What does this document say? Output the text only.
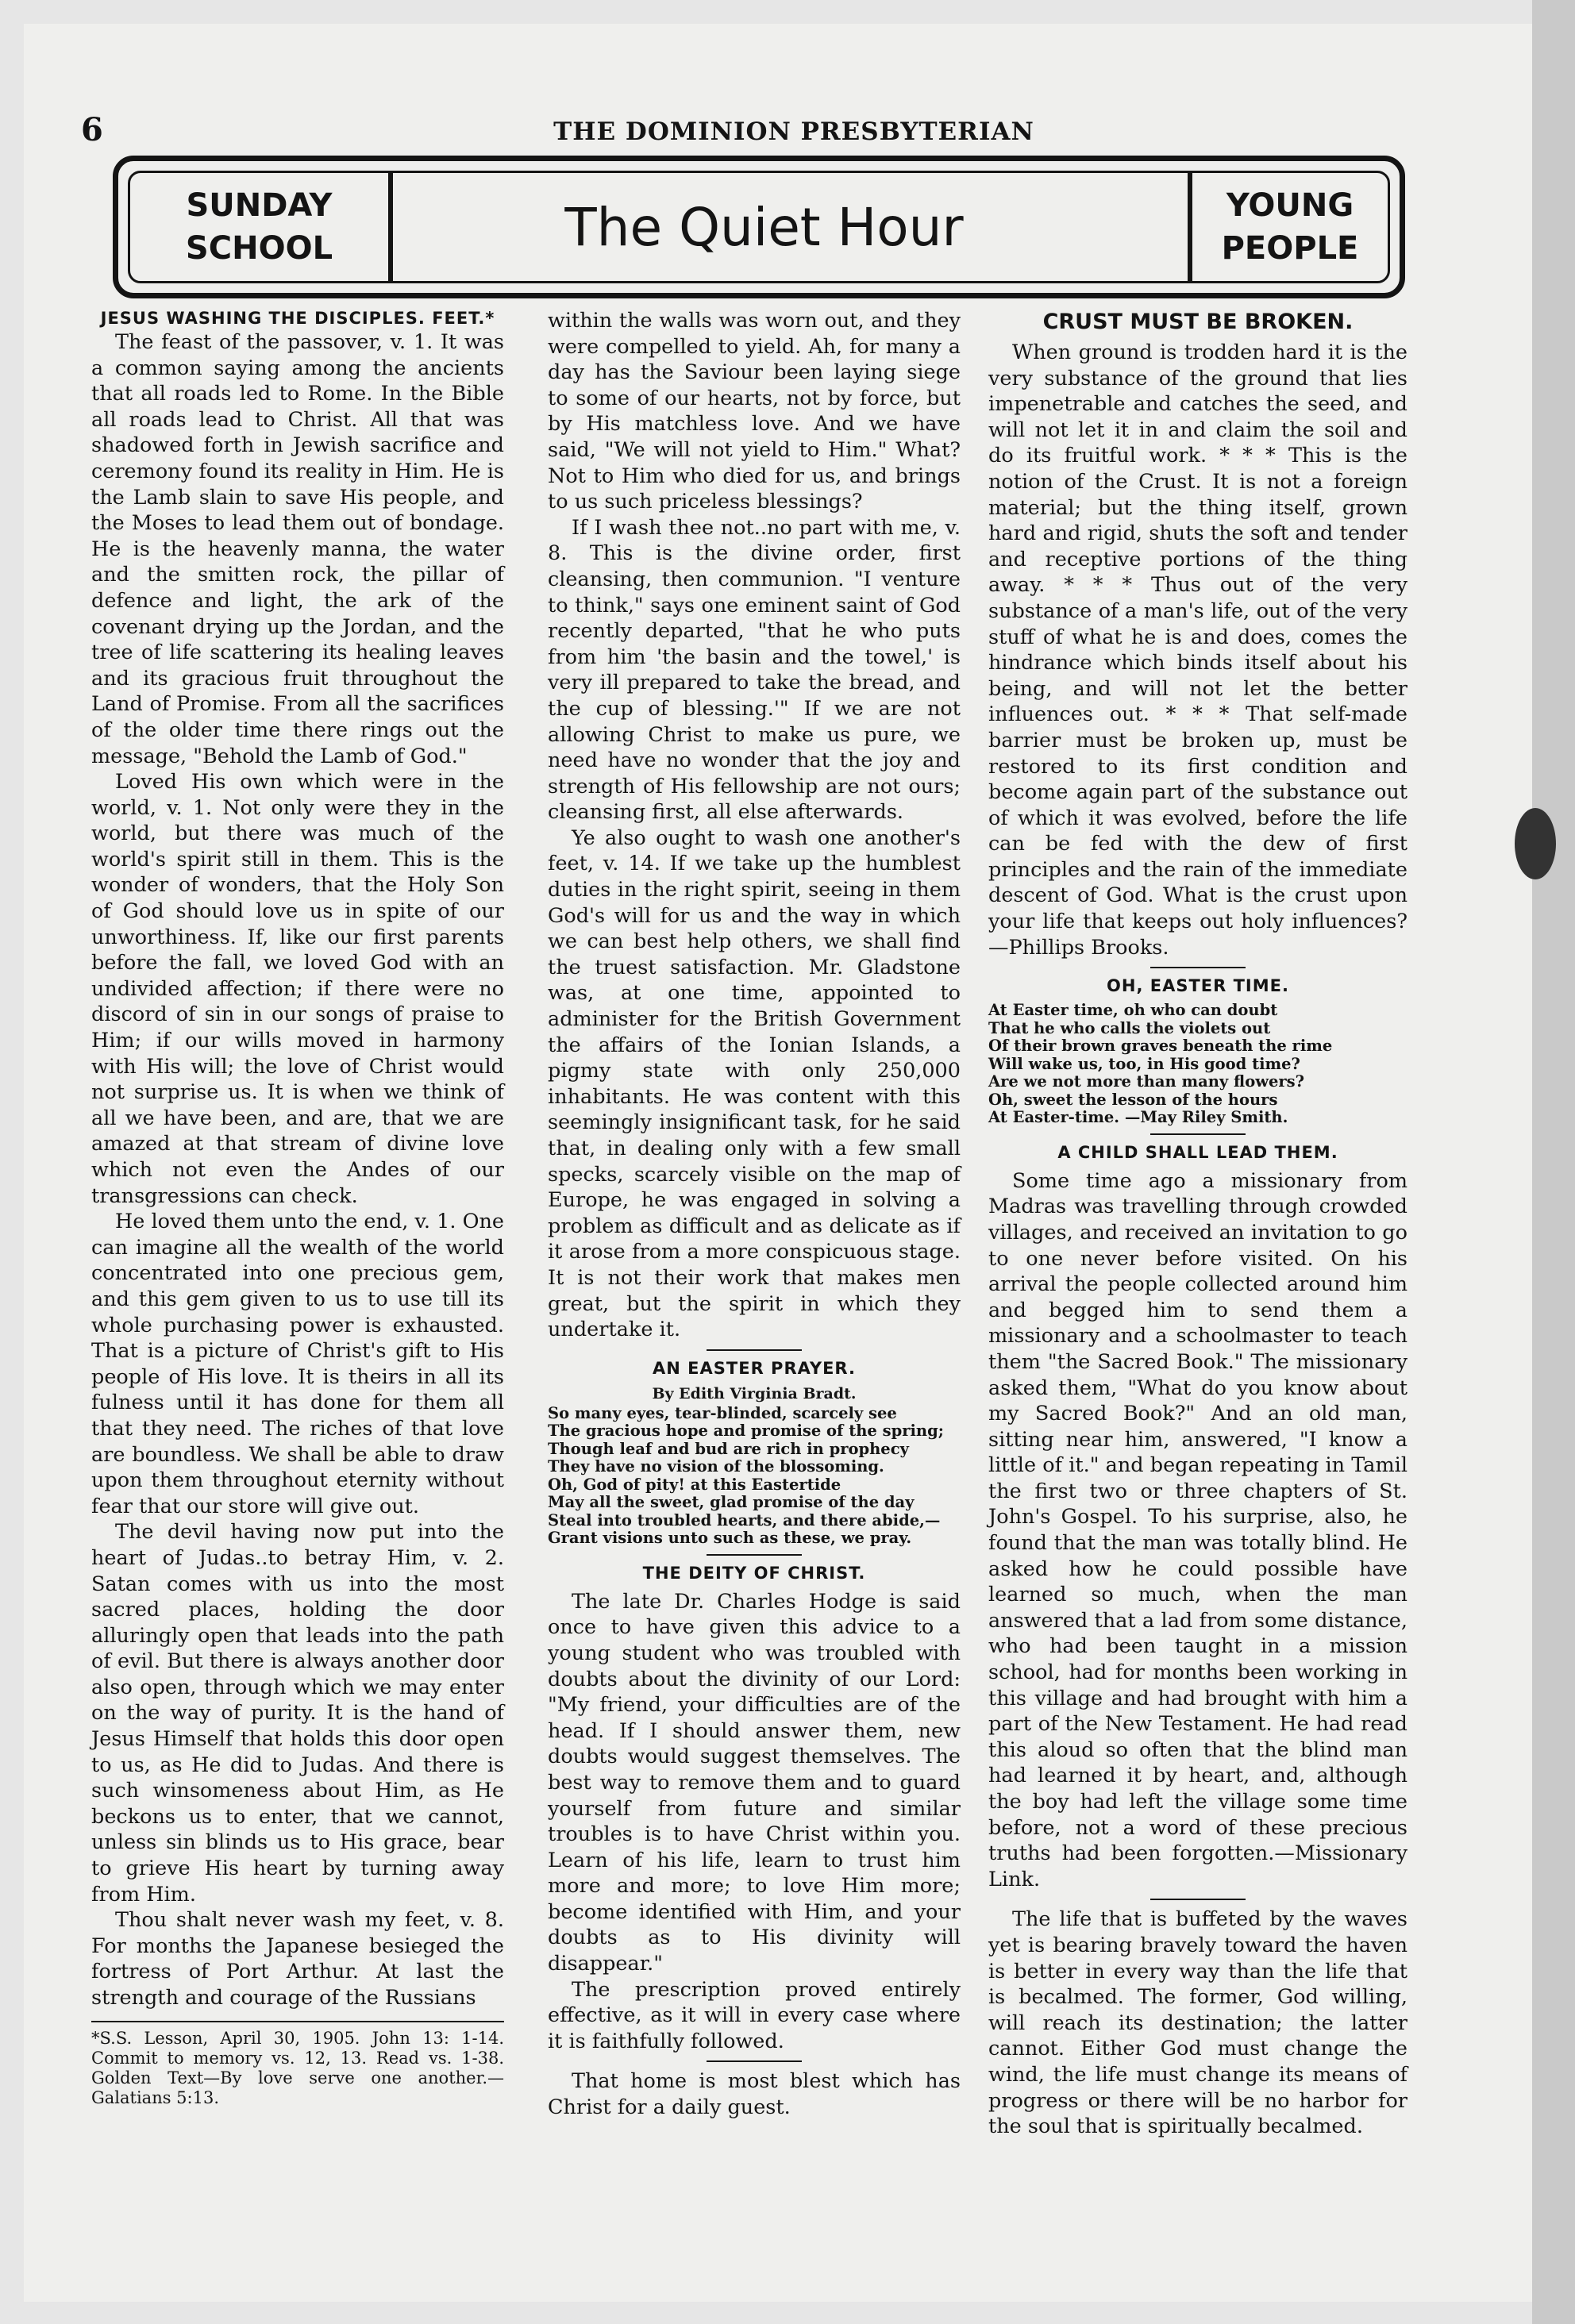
6	THE DOMINION PRESBYTERIAN
SUNDAY
SCHOOL	The Quiet Hour	YOUNG
PEOPLE
JESUS WASHING THE DISCIPLES. FEET.*

The feast of the passover, v. 1. It was a common saying among the ancients that all roads led to Rome. In the Bible all roads lead to Christ. All that was shadowed forth in Jewish sacrifice and ceremony found its reality in Him. He is the Lamb slain to save His people, and the Moses to lead them out of bondage. He is the heavenly manna, the water and the smitten rock, the pillar of defence and light, the ark of the covenant drying up the Jordan, and the tree of life scattering its healing leaves and its gracious fruit throughout the Land of Promise. From all the sacrifices of the older time there rings out the message, "Behold the Lamb of God."

Loved His own which were in the world, v. 1. Not only were they in the world, but there was much of the world's spirit still in them. This is the wonder of wonders, that the Holy Son of God should love us in spite of our unworthiness. If, like our first parents before the fall, we loved God with an undivided affection; if there were no discord of sin in our songs of praise to Him; if our wills moved in harmony with His will; the love of Christ would not surprise us. It is when we think of all we have been, and are, that we are amazed at that stream of divine love which not even the Andes of our transgressions can check.

He loved them unto the end, v. 1. One can imagine all the wealth of the world concentrated into one precious gem, and this gem given to us to use till its whole purchasing power is exhausted. That is a picture of Christ's gift to His people of His love. It is theirs in all its fulness until it has done for them all that they need. The riches of that love are boundless. We shall be able to draw upon them throughout eternity without fear that our store will give out.

The devil having now put into the heart of Judas..to betray Him, v. 2. Satan comes with us into the most sacred places, holding the door alluringly open that leads into the path of evil. But there is always another door also open, through which we may enter on the way of purity. It is the hand of Jesus Himself that holds this door open to us, as He did to Judas. And there is such winsomeness about Him, as He beckons us to enter, that we cannot, unless sin blinds us to His grace, bear to grieve His heart by turning away from Him.

Thou shalt never wash my feet, v. 8. For months the Japanese besieged the fortress of Port Arthur. At last the strength and courage of the Russians

*S.S. Lesson, April 30, 1905. John 13: 1-14. Commit to memory vs. 12, 13. Read vs. 1-38. Golden Text—By love serve one another.—Galatians 5:13.

within the walls was worn out, and they were compelled to yield. Ah, for many a day has the Saviour been laying siege to some of our hearts, not by force, but by His matchless love. And we have said, "We will not yield to Him." What? Not to Him who died for us, and brings to us such priceless blessings?

If I wash thee not..no part with me, v. 8. This is the divine order, first cleansing, then communion. "I venture to think," says one eminent saint of God recently departed, "that he who puts from him 'the basin and the towel,' is very ill prepared to take the bread, and the cup of blessing.'" If we are not allowing Christ to make us pure, we need have no wonder that the joy and strength of His fellowship are not ours; cleansing first, all else afterwards.

Ye also ought to wash one another's feet, v. 14. If we take up the humblest duties in the right spirit, seeing in them God's will for us and the way in which we can best help others, we shall find the truest satisfaction. Mr. Gladstone was, at one time, appointed to administer for the British Government the affairs of the Ionian Islands, a pigmy state with only 250,000 inhabitants. He was content with this seemingly insignificant task, for he said that, in dealing only with a few small specks, scarcely visible on the map of Europe, he was engaged in solving a problem as difficult and as delicate as if it arose from a more conspicuous stage. It is not their work that makes men great, but the spirit in which they undertake it.

AN EASTER PRAYER.
By Edith Virginia Bradt.
So many eyes, tear-blinded, scarcely see
The gracious hope and promise of the spring;
Though leaf and bud are rich in prophecy
They have no vision of the blossoming.
Oh, God of pity! at this Eastertide
May all the sweet, glad promise of the day
Steal into troubled hearts, and there abide,—
Grant visions unto such as these, we pray.
THE DEITY OF CHRIST.

The late Dr. Charles Hodge is said once to have given this advice to a young student who was troubled with doubts about the divinity of our Lord: "My friend, your difficulties are of the head. If I should answer them, new doubts would suggest themselves. The best way to remove them and to guard yourself from future and similar troubles is to have Christ within you. Learn of his life, learn to trust him more and more; to love Him more; become identified with Him, and your doubts as to His divinity will disappear."

The prescription proved entirely effective, as it will in every case where it is faithfully followed.

That home is most blest which has Christ for a daily guest.

CRUST MUST BE BROKEN.

When ground is trodden hard it is the very substance of the ground that lies impenetrable and catches the seed, and will not let it in and claim the soil and do its fruitful work. * * * This is the notion of the Crust. It is not a foreign material; but the thing itself, grown hard and rigid, shuts the soft and tender and receptive portions of the thing away. * * * Thus out of the very substance of a man's life, out of the very stuff of what he is and does, comes the hindrance which binds itself about his being, and will not let the better influences out. * * * That self-made barrier must be broken up, must be restored to its first condition and become again part of the substance out of which it was evolved, before the life can be fed with the dew of first principles and the rain of the immediate descent of God. What is the crust upon your life that keeps out holy influences?—Phillips Brooks.

OH, EASTER TIME.
At Easter time, oh who can doubt
That he who calls the violets out
Of their brown graves beneath the rime
Will wake us, too, in His good time?
Are we not more than many flowers?
Oh, sweet the lesson of the hours
At Easter-time. —May Riley Smith.
A CHILD SHALL LEAD THEM.

Some time ago a missionary from Madras was travelling through crowded villages, and received an invitation to go to one never before visited. On his arrival the people collected around him and begged him to send them a missionary and a schoolmaster to teach them "the Sacred Book." The missionary asked them, "What do you know about my Sacred Book?" And an old man, sitting near him, answered, "I know a little of it." and began repeating in Tamil the first two or three chapters of St. John's Gospel. To his surprise, also, he found that the man was totally blind. He asked how he could possible have learned so much, when the man answered that a lad from some distance, who had been taught in a mission school, had for months been working in this village and had brought with him a part of the New Testament. He had read this aloud so often that the blind man had learned it by heart, and, although the boy had left the village some time before, not a word of these precious truths had been forgotten.—Missionary Link.

The life that is buffeted by the waves yet is bearing bravely toward the haven is better in every way than the life that is becalmed. The former, God willing, will reach its destination; the latter cannot. Either God must change the wind, the life must change its means of progress or there will be no harbor for the soul that is spiritually becalmed.
